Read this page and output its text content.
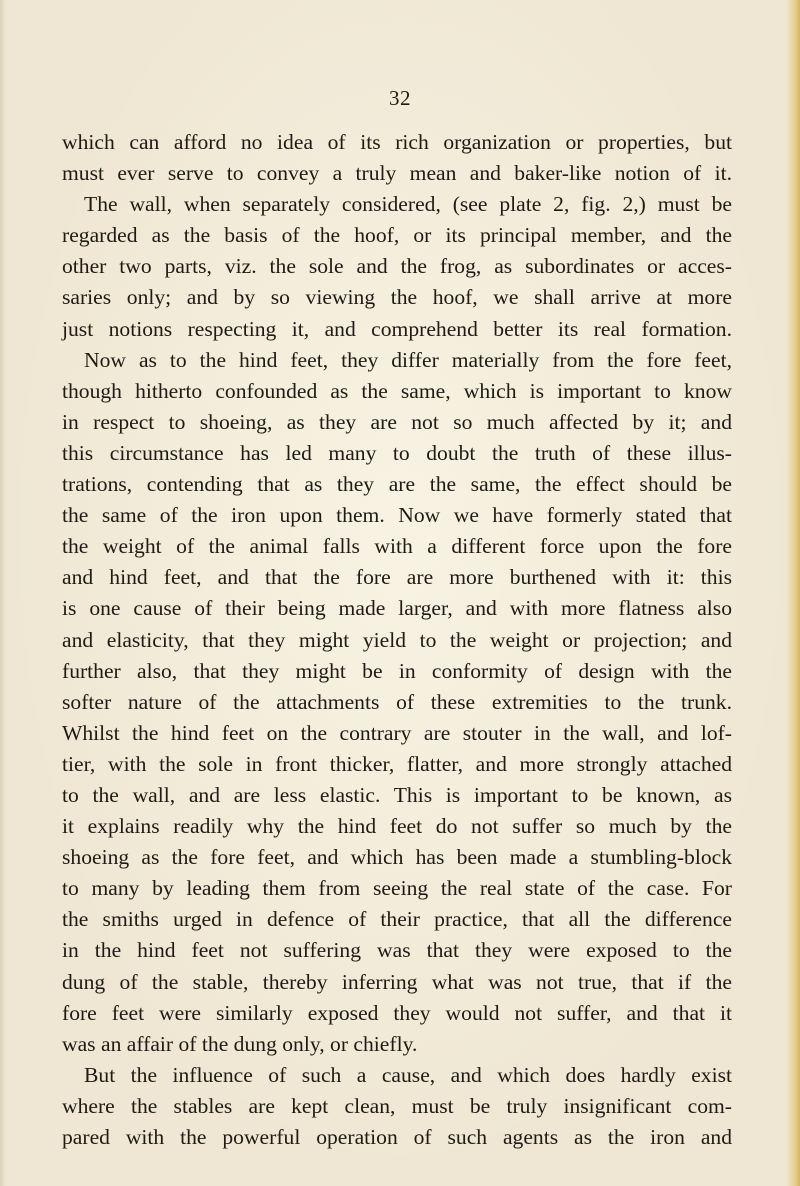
32
which can afford no idea of its rich organization or properties, but
must ever serve to convey a truly mean and baker-like notion of it.
The wall, when separately considered, (see plate 2, fig. 2,) must be
regarded as the basis of the hoof, or its principal member, and the
other two parts, viz. the sole and the frog, as subordinates or acces-
saries only; and by so viewing the hoof, we shall arrive at more
just notions respecting it, and comprehend better its real formation.
Now as to the hind feet, they differ materially from the fore feet,
though hitherto confounded as the same, which is important to know
in respect to shoeing, as they are not so much affected by it; and
this circumstance has led many to doubt the truth of these illus-
trations, contending that as they are the same, the effect should be
the same of the iron upon them. Now we have formerly stated that
the weight of the animal falls with a different force upon the fore
and hind feet, and that the fore are more burthened with it: this
is one cause of their being made larger, and with more flatness also
and elasticity, that they might yield to the weight or projection; and
further also, that they might be in conformity of design with the
softer nature of the attachments of these extremities to the trunk.
Whilst the hind feet on the contrary are stouter in the wall, and lof-
tier, with the sole in front thicker, flatter, and more strongly attached
to the wall, and are less elastic. This is important to be known, as
it explains readily why the hind feet do not suffer so much by the
shoeing as the fore feet, and which has been made a stumbling-block
to many by leading them from seeing the real state of the case. For
the smiths urged in defence of their practice, that all the difference
in the hind feet not suffering was that they were exposed to the
dung of the stable, thereby inferring what was not true, that if the
fore feet were similarly exposed they would not suffer, and that it
was an affair of the dung only, or chiefly.
But the influence of such a cause, and which does hardly exist
where the stables are kept clean, must be truly insignificant com-
pared with the powerful operation of such agents as the iron and
